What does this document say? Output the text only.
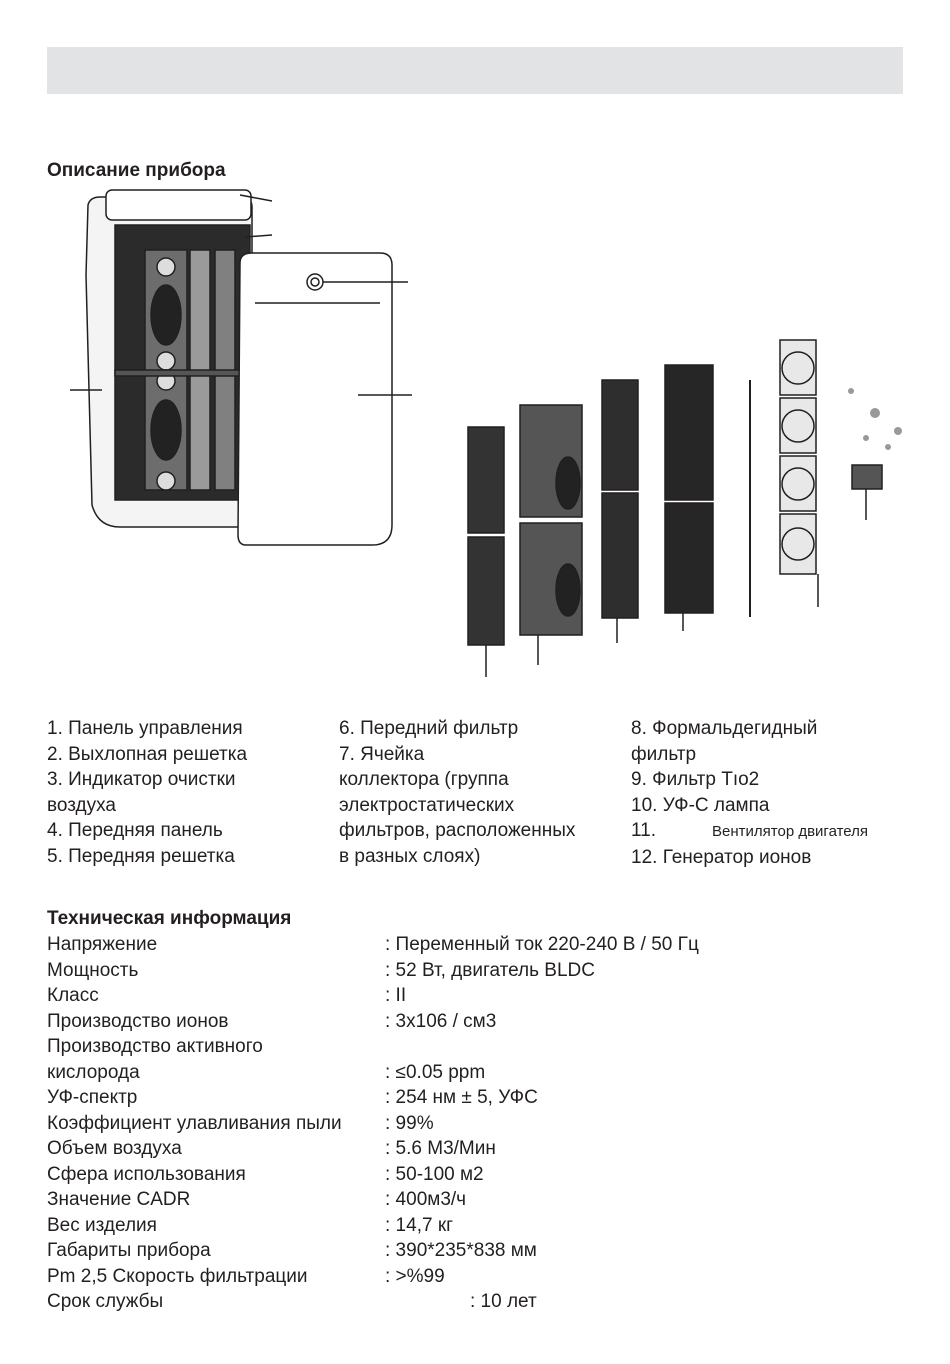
Описание прибора
1. Панель управления
2. Выхлопная решетка
3. Индикатор очистки
воздуха
4. Передняя панель
5. Передняя решетка
6. Передний фильтр
7. Ячейка
коллектора (группа
электростатических
фильтров, расположенных
в разных слоях)
8. Формальдегидный
фильтр
9. Фильтр Tıo2
10. УФ-С лампа
11.	Вентилятор двигателя
12. Генератор ионов
Техническая информация
Напряжение	: Переменный ток 220-240 В / 50 Гц
Мощность	: 52 Вт, двигатель BLDC
Класс	: II
Производство ионов	: 3x106 / см3
Производство активного
кислорода	: ≤0.05 ppm
УФ-спектр	: 254 нм ± 5, УФС
Коэффициент улавливания пыли : 99%
Объем воздуха	: 5.6 М3/Мин
Сфера использования	: 50-100 м2
Значение CADR	: 400м3/ч
Вес изделия	: 14,7 кг
Габариты прибора	: 390*235*838 мм
Pm 2,5 Скорость фильтрации	: >%99
Срок службы	: 10 лет
